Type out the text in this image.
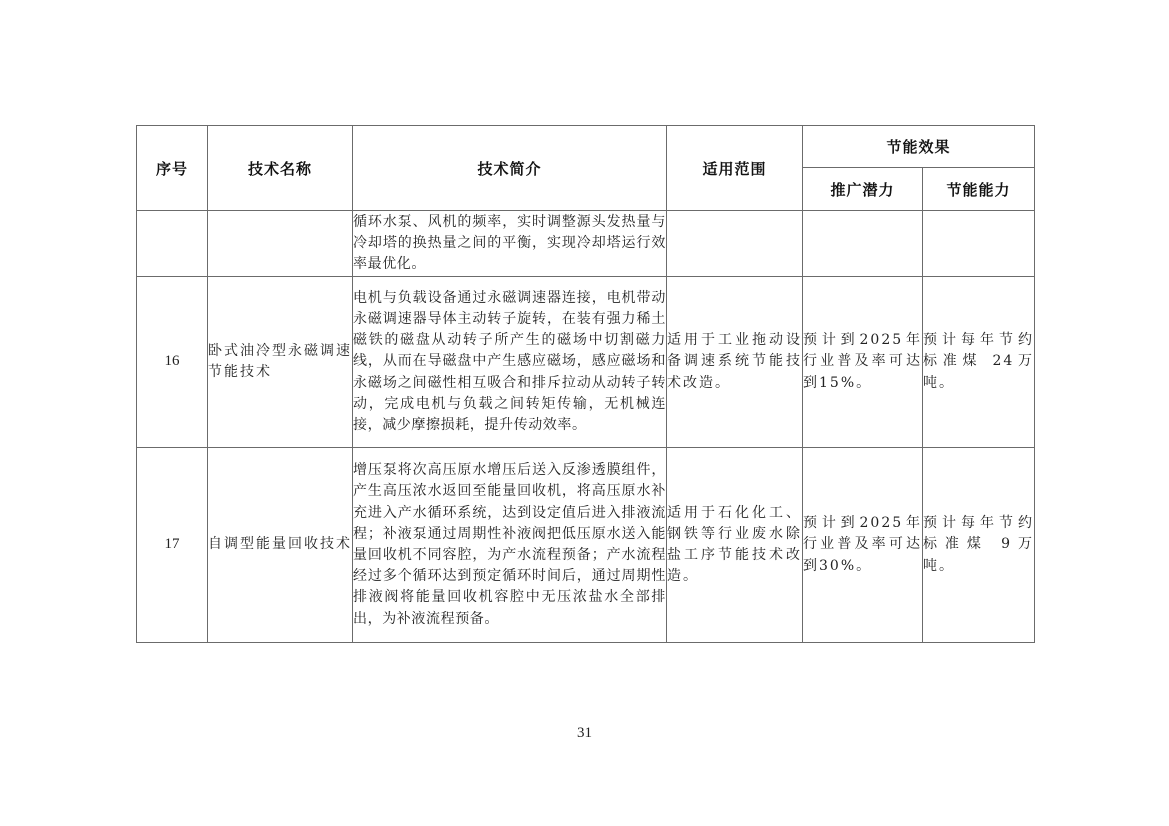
序号	技术名称	技术简介	适用范围	节能效果	
				推广潜力	节能能力
		循环水泵、风机的频率，实时调整源头发热量与冷却塔的换热量之间的平衡，实现冷却塔运行效率最优化。			
16	卧式油冷型永磁调速节能技术	电机与负载设备通过永磁调速器连接，电机带动永磁调速器导体主动转子旋转，在装有强力稀土磁铁的磁盘从动转子所产生的磁场中切割磁力线，从而在导磁盘中产生感应磁场，感应磁场和永磁场之间磁性相互吸合和排斥拉动从动转子转动，完成电机与负载之间转矩传输，无机械连接，减少摩擦损耗，提升传动效率。	适用于工业拖动设备调速系统节能技术改造。	预计到2025年行业普及率可达到15%。	预计每年节约标准煤 24万吨。
17	自调型能量回收技术	增压泵将次高压原水增压后送入反渗透膜组件，产生高压浓水返回至能量回收机，将高压原水补充进入产水循环系统，达到设定值后进入排液流程；补液泵通过周期性补液阀把低压原水送入能量回收机不同容腔，为产水流程预备；产水流程经过多个循环达到预定循环时间后，通过周期性排液阀将能量回收机容腔中无压浓盐水全部排出，为补液流程预备。	适用于石化化工、钢铁等行业废水除盐工序节能技术改造。	预计到2025年行业普及率可达到30%。	预计每年节约标准煤 9万吨。
31
